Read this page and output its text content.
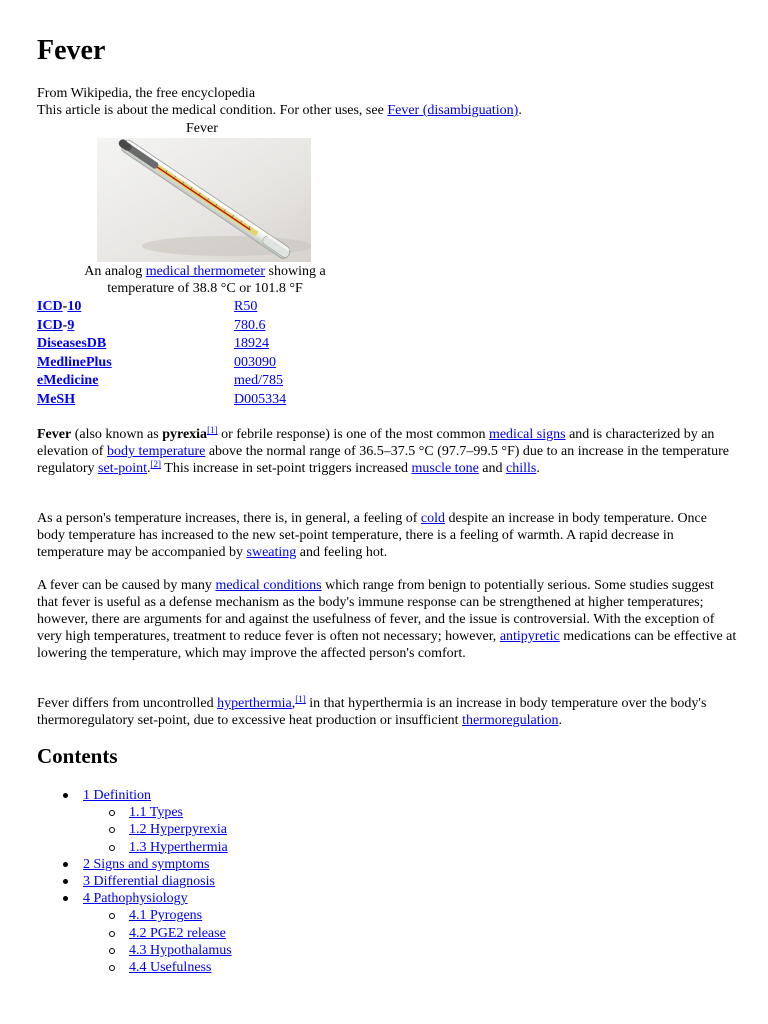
Fever
From Wikipedia, the free encyclopedia
This article is about the medical condition. For other uses, see Fever (disambiguation).
Fever
An analog medical thermometer showing a temperature of 38.8 °C or 101.8 °F
ICD-10	R50
ICD-9	780.6
DiseasesDB	18924
MedlinePlus	003090
eMedicine	med/785
MeSH	D005334

Fever (also known as pyrexia[1] or febrile response) is one of the most common medical signs and is characterized by an elevation of body temperature above the normal range of 36.5–37.5 °C (97.7–99.5 °F) due to an increase in the temperature regulatory set-point.[2] This increase in set-point triggers increased muscle tone and chills.

As a person's temperature increases, there is, in general, a feeling of cold despite an increase in body temperature. Once body temperature has increased to the new set-point temperature, there is a feeling of warmth. A rapid decrease in temperature may be accompanied by sweating and feeling hot.

A fever can be caused by many medical conditions which range from benign to potentially serious. Some studies suggest that fever is useful as a defense mechanism as the body's immune response can be strengthened at higher temperatures; however, there are arguments for and against the usefulness of fever, and the issue is controversial. With the exception of very high temperatures, treatment to reduce fever is often not necessary; however, antipyretic medications can be effective at lowering the temperature, which may improve the affected person's comfort.

Fever differs from uncontrolled hyperthermia,[1] in that hyperthermia is an increase in body temperature over the body's thermoregulatory set-point, due to excessive heat production or insufficient thermoregulation.

Contents
1 Definition
1.1 Types
1.2 Hyperpyrexia
1.3 Hyperthermia
2 Signs and symptoms
3 Differential diagnosis
4 Pathophysiology
4.1 Pyrogens
4.2 PGE2 release
4.3 Hypothalamus
4.4 Usefulness
